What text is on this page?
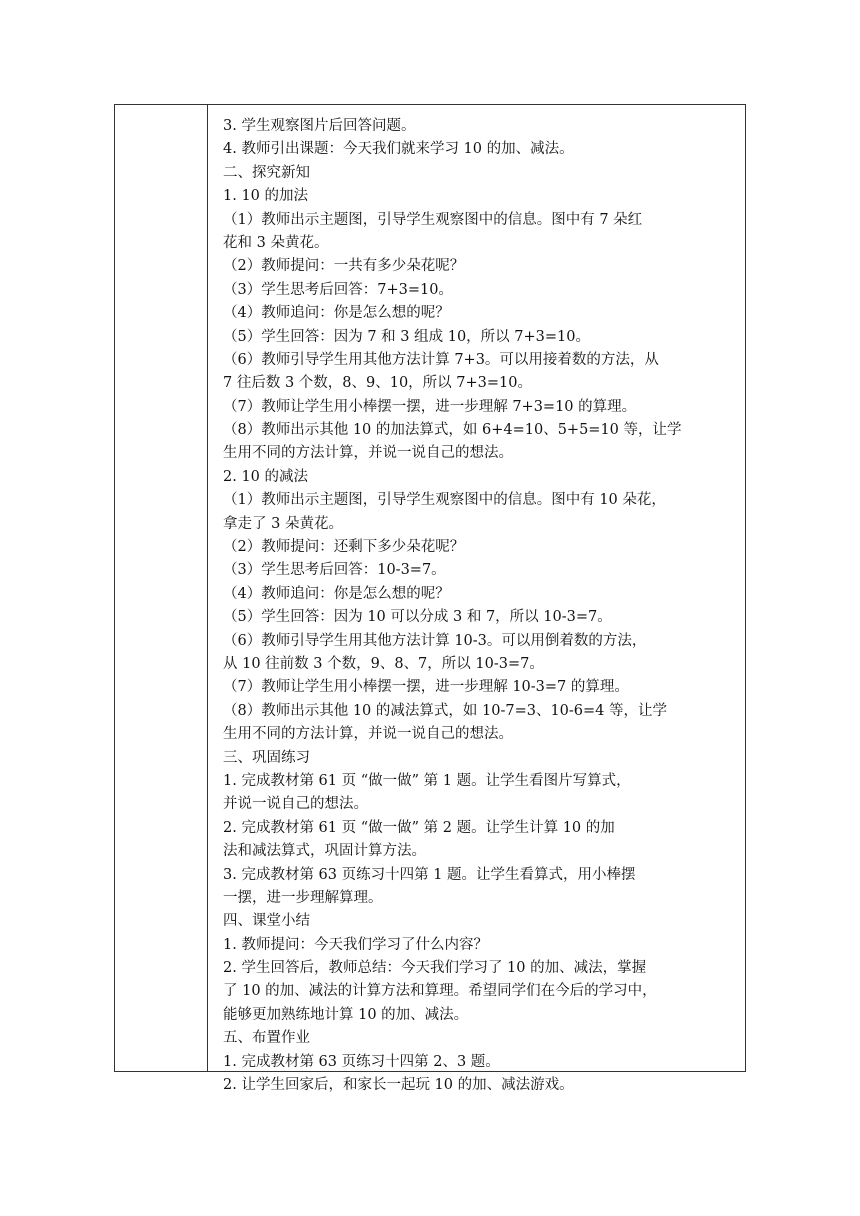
3. 学生观察图片后回答问题。
4. 教师引出课题：今天我们就来学习 10 的加、减法。
二、探究新知
1. 10 的加法
（1）教师出示主题图，引导学生观察图中的信息。图中有 7 朵红
花和 3 朵黄花。
（2）教师提问：一共有多少朵花呢？
（3）学生思考后回答：7+3=10。
（4）教师追问：你是怎么想的呢？
（5）学生回答：因为 7 和 3 组成 10，所以 7+3=10。
（6）教师引导学生用其他方法计算 7+3。可以用接着数的方法，从
7 往后数 3 个数，8、9、10，所以 7+3=10。
（7）教师让学生用小棒摆一摆，进一步理解 7+3=10 的算理。
（8）教师出示其他 10 的加法算式，如 6+4=10、5+5=10 等，让学
生用不同的方法计算，并说一说自己的想法。
2. 10 的减法
（1）教师出示主题图，引导学生观察图中的信息。图中有 10 朵花，
拿走了 3 朵黄花。
（2）教师提问：还剩下多少朵花呢？
（3）学生思考后回答：10-3=7。
（4）教师追问：你是怎么想的呢？
（5）学生回答：因为 10 可以分成 3 和 7，所以 10-3=7。
（6）教师引导学生用其他方法计算 10-3。可以用倒着数的方法，
从 10 往前数 3 个数，9、8、7，所以 10-3=7。
（7）教师让学生用小棒摆一摆，进一步理解 10-3=7 的算理。
（8）教师出示其他 10 的减法算式，如 10-7=3、10-6=4 等，让学
生用不同的方法计算，并说一说自己的想法。
三、巩固练习
1. 完成教材第 61 页 “做一做” 第 1 题。让学生看图片写算式，
并说一说自己的想法。
2. 完成教材第 61 页 “做一做” 第 2 题。让学生计算 10 的加
法和减法算式，巩固计算方法。
3. 完成教材第 63 页练习十四第 1 题。让学生看算式，用小棒摆
一摆，进一步理解算理。
四、课堂小结
1. 教师提问：今天我们学习了什么内容？
2. 学生回答后，教师总结：今天我们学习了 10 的加、减法，掌握
了 10 的加、减法的计算方法和算理。希望同学们在今后的学习中，
能够更加熟练地计算 10 的加、减法。
五、布置作业
1. 完成教材第 63 页练习十四第 2、3 题。
2. 让学生回家后，和家长一起玩 10 的加、减法游戏。
